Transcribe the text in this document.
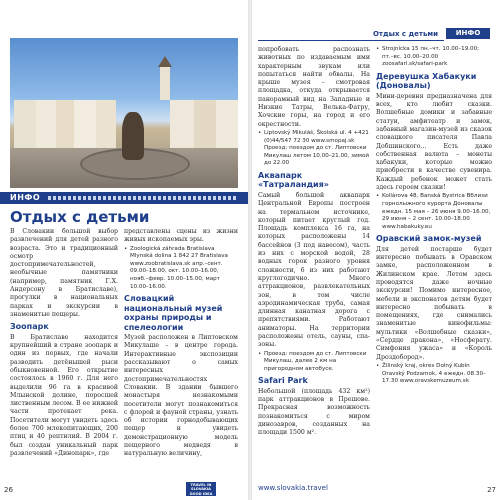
ИНФО
Отдых с детьми

В Словакии большой выбор развлечений для детей разного возраста. Это и традиционный осмотр достопримечательностей, необычные памятники (например, памятник Г.Х. Андерсону в Братиславе), прогулки в национальных парках и экскурсии в знаменитые пещеры.

Зоопарк

В Братиславе находится крупнейший в стране зоопарк и один из первых, где начали разводить детёнышей рыси обыкновенной. Его открытие состоялось в 1960 г. Для него выделили 96 га в красивой Млынской долине, поросшей лиственным лесом. В ее нижней части протекает река. Посетители могут увидеть здесь более 700 млекопитающих, 200 птиц и 40 рептилий. В 2004 г. был создан уникальный парк развлечений «Динопарк», где

представлены сцены из жизни живых ископаемых эры.

• Zoologická záhrada Bratislava Mlynská dolina 1 842 27 Bratislava www.zoobratislava.sk апр.–сент. 09.00–18.00, окт. 10.00–16.00, нояб.–февр. 10.00–15.00, март 10.00–16.00.
Словацкий национальный музей охраны природы и спелеологии

Музей расположен в Липтовском Микулаше – в центре города. Интерактивные экспозиции рассказывают о самых интересных достопримечательностях Словакии. В здании бывшего монастыря незнакомыми посетители могут познакомиться с флорой и фауной страны, узнать об истории горнодобывающих пещер и увидеть демонстрационную модель пещерного медведя в натуральную величину,

26
TRAVEL IN
SLOVAKIA
GOOD IDEA
Отдых с детьми	ИНФО

попробовать распознать животных по издаваемым ими характерным звукам или попытаться найти обвалы. На крыше музея – смотровая площадка, откуда открывается панорамный вид на Западные и Низкие Татры, Велька-Фатру, Хочские горы, на город и его окрестности.

• Liptovský Mikuláš, Školská ul. 4 +421 (0)44/547 72 30 www.smopaj.sk Проезд: поездом до ст. Липтовски Микулаш летом 10.00–21.00, зимой до 22.00
Аквапарк «Татраландия»

Самый большой аквапарк Центральной Европы построен на термальном источнике, который питает круглый год. Площадь комплекса 16 га, на которых расположены 14 бассейнов (3 под навесом), часть из них с морской водой, 28 водных горок разного уровня сложности, 6 из них работают круглогодично. Много аттракционов, развлекательных зон, в том числе аэродинамическая труба, самая длинная канатная дорога с препятствиями. Работают аниматоры. На территории расположены отель, сауны, спа-зоны.

• Проезд: поездом до ст. Липтовски Микулаш, далее 2 км на пригородном автобусе.
Safari Park

Небольшой (площадь 432 км²) парк аттракционов в Прешове. Прекрасная возможность познакомиться с миром динозавров, созданных на площади 1500 м².

• Strojnícka 15 пн.–чт. 10.00–19.00; пт.–вс. 10.00–20.00 zoosafari.sk/safari-park
Деревушка Хабакуки (Доновалы)

Мини-деревня предназначена для всех, кто любит сказки. Волшебные домики и забавные статуи, амфитеатр и замок, забавный магазин-музей из сказок словацкого писателя Павла Добшинского… Есть даже собственная валюта – монеты хабакуки, которые можно приобрести в качестве сувенира. Каждый ребенок может стать здесь героем сказки!

• Kollárova 48, Banská Bystrica Вблизи горнолыжного курорта Доновалы ежедн. 15 мая – 26 июня 9.00–16.00, 29 июня – 2 сент. 10.00–18.00 www.habakuky.eu
Оравский замок-музей

Для детей постарше будет интересно побывать в Оравском замке, расположенном в Жилинском крае. Летом здесь проводятся даже ночные экскурсии! Помимо интересное, мебели и экспонатов детям будет интересно побывать в помещениях, где снимались знаменитые кинофильмы: мультики «Волшебные сказки», «Сердце дракона», «Носферату. Симфония ужаса» и «Король Дроздобород».

• Žilinský kraj, okres Dolný Kubín Oravský Podzamok, 4 ежедн. 08.30–17.30 www.oravskemuzeum.sk
www.slovakia.travel	27
